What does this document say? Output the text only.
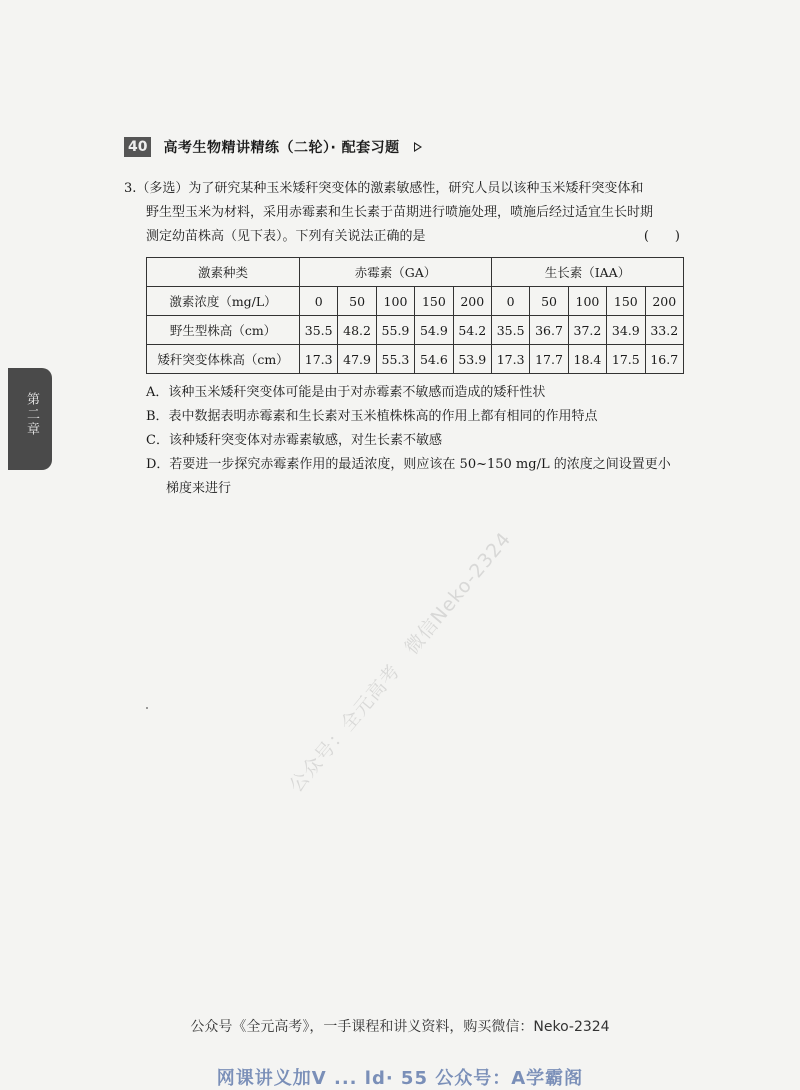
40 高考生物精讲精练（二轮）· 配套习题
3.（多选）为了研究某种玉米矮秆突变体的激素敏感性，研究人员以该种玉米矮秆突变体和
野生型玉米为材料，采用赤霉素和生长素于苗期进行喷施处理，喷施后经过适宜生长时期
测定幼苗株高（见下表）。下列有关说法正确的是	(　　)
激素种类	赤霉素（GA）					生长素（IAA）				
激素浓度（mg/L）	0	50	100	150	200	0	50	100	150	200
野生型株高（cm）	35.5	48.2	55.9	54.9	54.2	35.5	36.7	37.2	34.9	33.2
矮秆突变体株高（cm）	17.3	47.9	55.3	54.6	53.9	17.3	17.7	18.4	17.5	16.7
A．该种玉米矮秆突变体可能是由于对赤霉素不敏感而造成的矮秆性状
B．表中数据表明赤霉素和生长素对玉米植株株高的作用上都有相同的作用特点
C．该种矮秆突变体对赤霉素敏感，对生长素不敏感
D．若要进一步探究赤霉素作用的最适浓度，则应该在 50~150 mg/L 的浓度之间设置更小
梯度来进行
第二章
公众号：全元高考　微信Neko-2324
公众号《全元高考》，一手课程和讲义资料，购买微信：Neko-2324
网课讲义加V ... ld· 55 公众号：A学霸阁
